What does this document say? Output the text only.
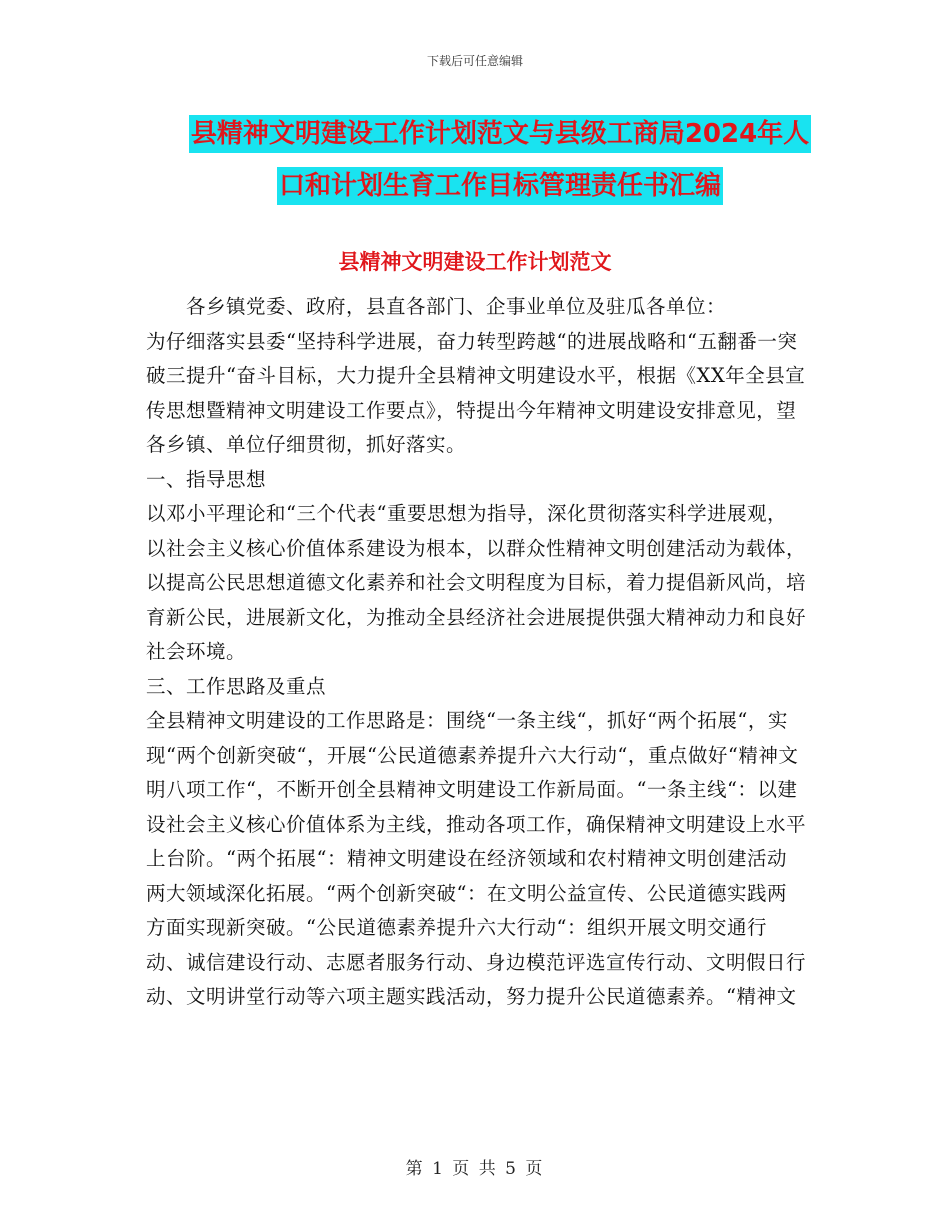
下载后可任意编辑
县精神文明建设工作计划范文与县级工商局2024年人
口和计划生育工作目标管理责任书汇编
县精神文明建设工作计划范文

各乡镇党委、政府，县直各部门、企事业单位及驻瓜各单位：

为仔细落实县委“坚持科学进展，奋力转型跨越“的进展战略和“五翻番一突破三提升“奋斗目标，大力提升全县精神文明建设水平，根据《XX年全县宣传思想暨精神文明建设工作要点》，特提出今年精神文明建设安排意见，望各乡镇、单位仔细贯彻，抓好落实。

一、指导思想

以邓小平理论和“三个代表“重要思想为指导，深化贯彻落实科学进展观，以社会主义核心价值体系建设为根本，以群众性精神文明创建活动为载体，以提高公民思想道德文化素养和社会文明程度为目标，着力提倡新风尚，培育新公民，进展新文化，为推动全县经济社会进展提供强大精神动力和良好社会环境。

三、工作思路及重点

全县精神文明建设的工作思路是：围绕“一条主线“，抓好“两个拓展“，实现“两个创新突破“，开展“公民道德素养提升六大行动“，重点做好“精神文明八项工作“，不断开创全县精神文明建设工作新局面。“一条主线“：以建设社会主义核心价值体系为主线，推动各项工作，确保精神文明建设上水平上台阶。“两个拓展“：精神文明建设在经济领域和农村精神文明创建活动两大领域深化拓展。“两个创新突破“：在文明公益宣传、公民道德实践两方面实现新突破。“公民道德素养提升六大行动“：组织开展文明交通行动、诚信建设行动、志愿者服务行动、身边模范评选宣传行动、文明假日行动、文明讲堂行动等六项主题实践活动，努力提升公民道德素养。“精神文

第 1 页 共 5 页
